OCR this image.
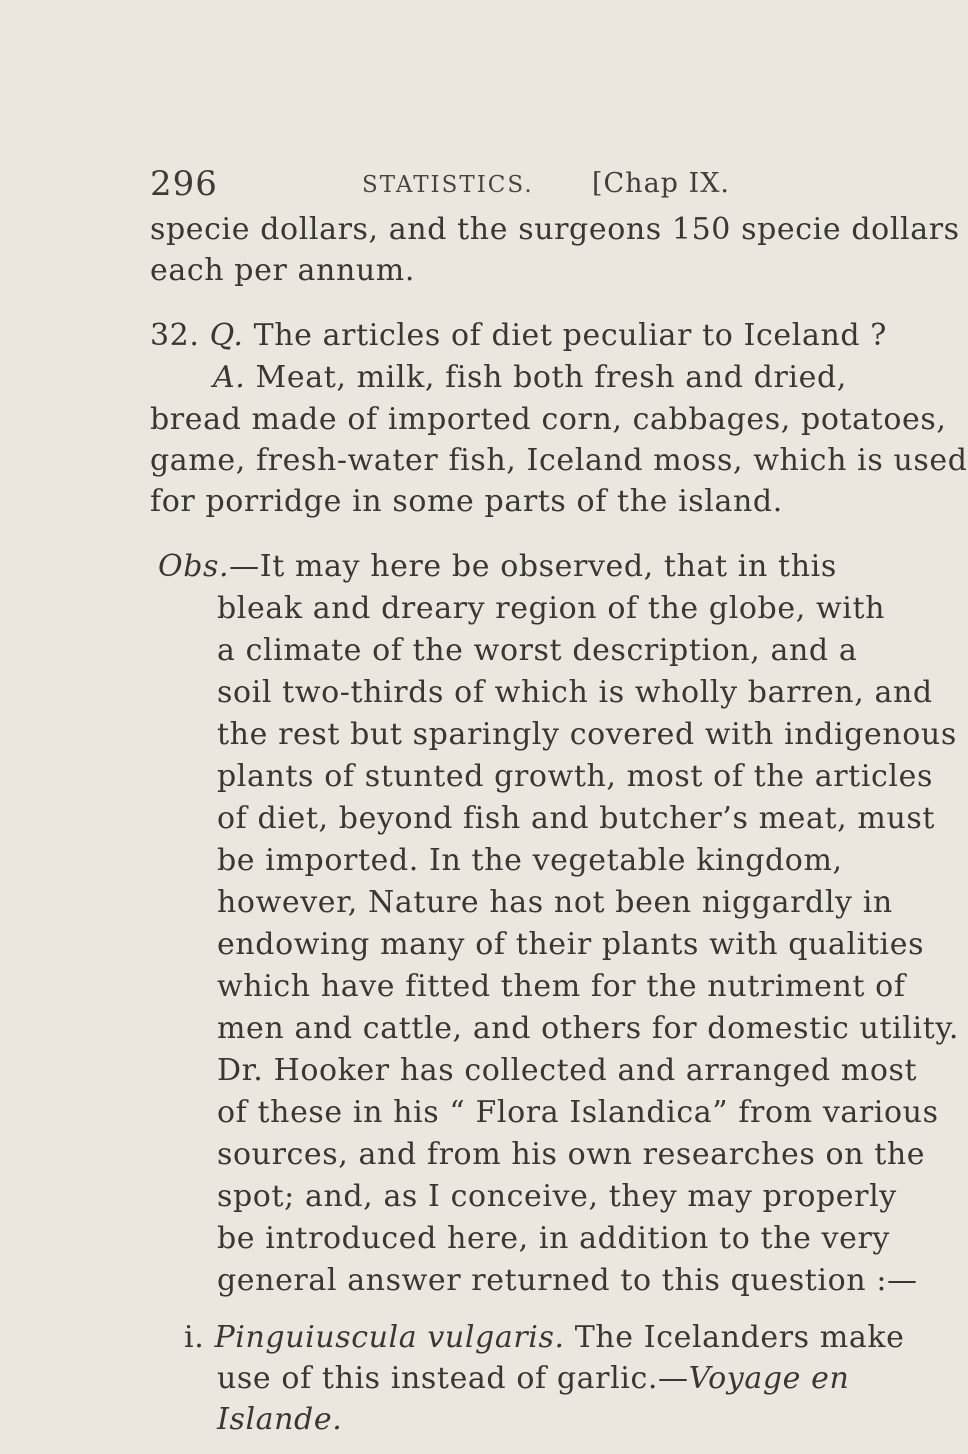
296	STATISTICS. [Chap IX.
specie dollars, and the surgeons 150 specie dollars
each per annum.
32. Q. The articles of diet peculiar to Iceland ?
A. Meat, milk, fish both fresh and dried,
bread made of imported corn, cabbages, potatoes,
game, fresh-water fish, Iceland moss, which is used
for porridge in some parts of the island.
Obs.—It may here be observed, that in this
bleak and dreary region of the globe, with
a climate of the worst description, and a
soil two-thirds of which is wholly barren, and
the rest but sparingly covered with indigenous
plants of stunted growth, most of the articles
of diet, beyond fish and butcher’s meat, must
be imported. In the vegetable kingdom,
however, Nature has not been niggardly in
endowing many of their plants with qualities
which have fitted them for the nutriment of
men and cattle, and others for domestic utility.
Dr. Hooker has collected and arranged most
of these in his “ Flora Islandica” from various
sources, and from his own researches on the
spot; and, as I conceive, they may properly
be introduced here, in addition to the very
general answer returned to this question :—
i. Pinguiuscula vulgaris. The Icelanders make
use of this instead of garlic.—Voyage en
Islande.
